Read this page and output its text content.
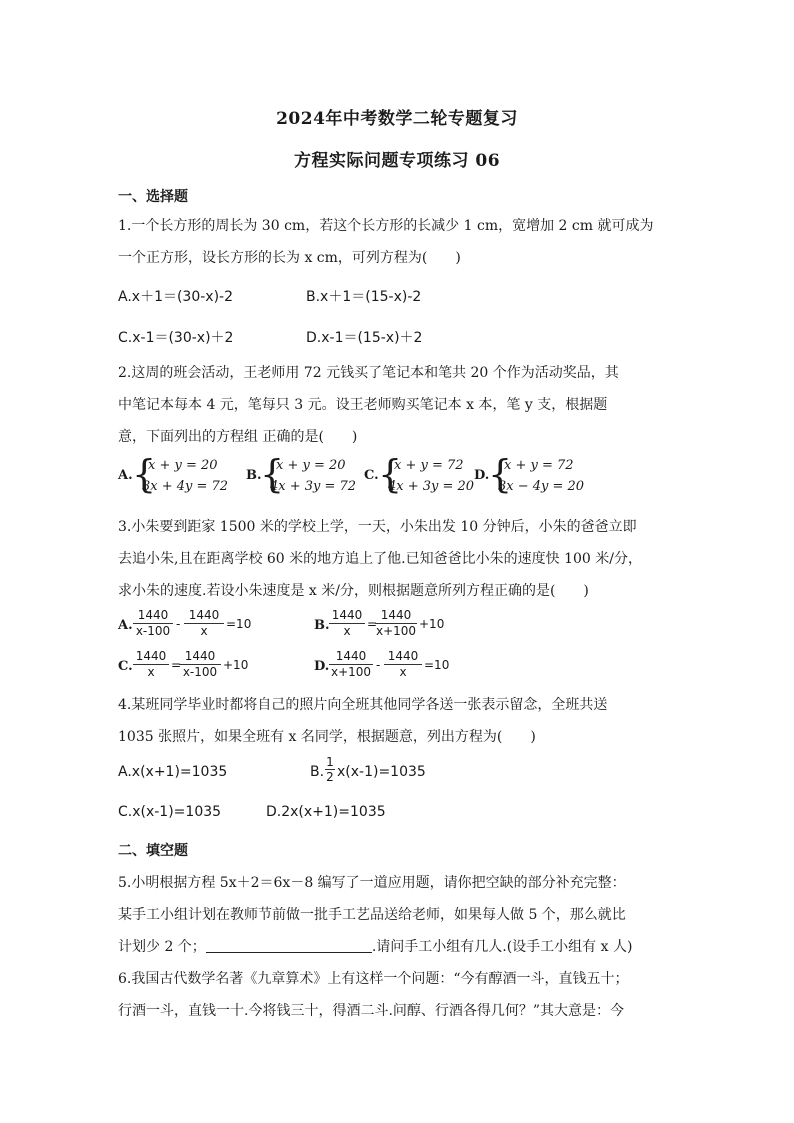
2024年中考数学二轮专题复习
方程实际问题专项练习 06
一、选择题
1.一个长方形的周长为 30 cm，若这个长方形的长减少 1 cm，宽增加 2 cm 就可成为
一个正方形，设长方形的长为 x cm，可列方程为(　　)
A.x＋1＝(30-x)-2	B.x＋1＝(15-x)-2
C.x-1＝(30-x)＋2	D.x-1＝(15-x)＋2
2.这周的班会活动，王老师用 72 元钱买了笔记本和笔共 20 个作为活动奖品，其
中笔记本每本 4 元，笔每只 3 元。设王老师购买笔记本 x 本，笔 y 支，根据题
意，下面列出的方程组 正确的是(　　)
A. {
x + y = 20
3x + 4y = 72
B.
{
x + y = 20
4x + 3y = 72
C. {
x + y = 72
4x + 3y = 20
D.
{
x + y = 72
3x − 4y = 20
3.小朱要到距家 1500 米的学校上学，一天，小朱出发 10 分钟后，小朱的爸爸立即
去追小朱,且在距离学校 60 米的地方追上了他.已知爸爸比小朱的速度快 100 米/分，
求小朱的速度.若设小朱速度是 x 米/分，则根据题意所列方程正确的是(　　)
A. $\frac{1440}{x-100} - \frac{1440}{x} =10$	B. $\frac{1440}{x}$ =
$\frac{1440}{x+100} +10$
C. $\frac{1440}{x}$ =
$\frac{1440}{x-100} +10$	D. $\frac{1440}{x+100} - \frac{1440}{x} =10$
4.某班同学毕业时都将自己的照片向全班其他同学各送一张表示留念，全班共送
1035 张照片，如果全班有 x 名同学，根据题意，列出方程为(　　)
A.x(x+1)=1035	B. $\frac{1}{2} x(x-1)=1035$
C.x(x-1)=1035	D.2x(x+1)=1035
二、填空题
5.小明根据方程 5x＋2＝6x－8 编写了一道应用题，请你把空缺的部分补充完整：
某手工小组计划在教师节前做一批手工艺品送给老师，如果每人做 5 个，那么就比
计划少 2 个；	.请问手工小组有几人.(设手工小组有 x 人)
6.我国古代数学名著《九章算术》上有这样一个问题：“今有醇酒一斗，直钱五十；
行酒一斗，直钱一十.今将钱三十，得酒二斗.问醇、行酒各得几何？”其大意是：今
